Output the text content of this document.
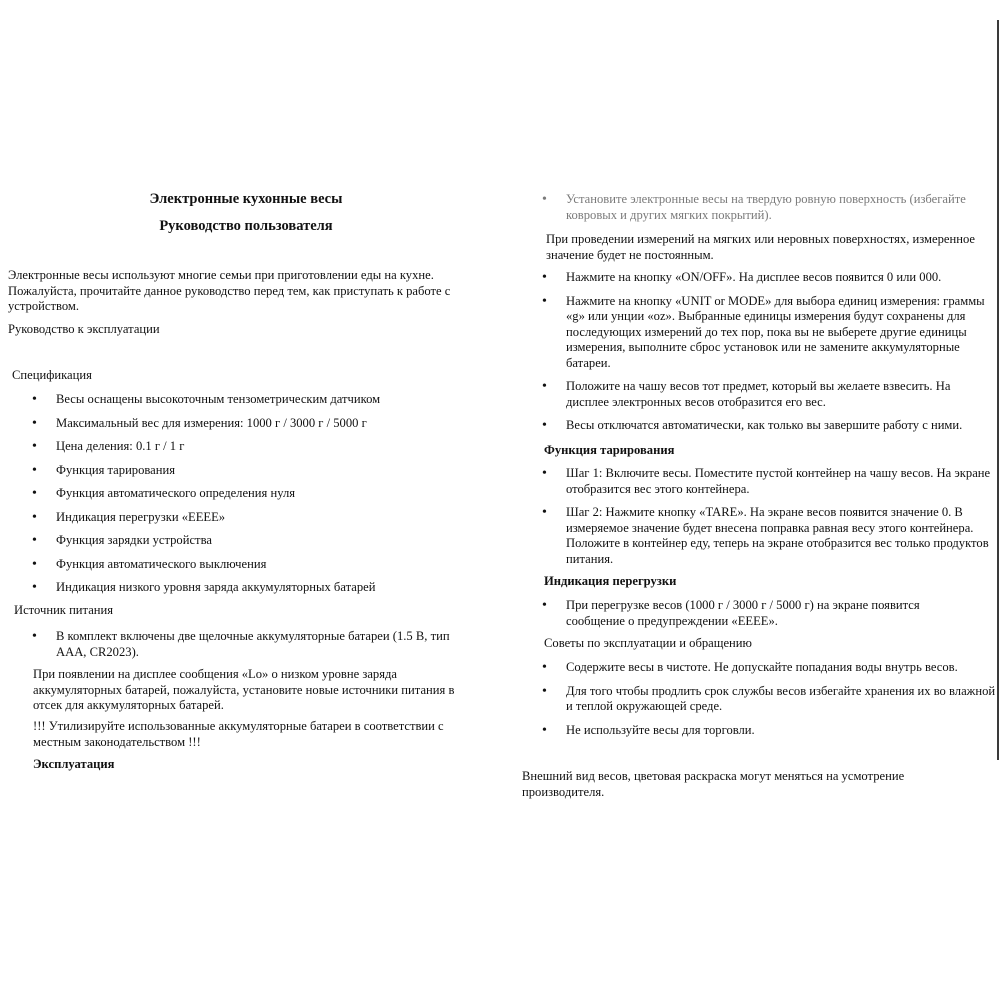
Электронные кухонные весы
Руководство пользователя
Электронные весы используют многие семьи при приготовлении еды на кухне. Пожалуйста, прочитайте данное руководство перед тем, как приступать к работе с устройством.
Руководство к эксплуатации
Спецификация
• Весы оснащены высокоточным тензометрическим датчиком
• Максимальный вес для измерения: 1000 г / 3000 г / 5000 г
• Цена деления: 0.1 г / 1 г
• Функция тарирования
• Функция автоматического определения нуля
• Индикация перегрузки «EEEE»
• Функция зарядки устройства
• Функция автоматического выключения
• Индикация низкого уровня заряда аккумуляторных батарей
Источник питания
• В комплект включены две щелочные аккумуляторные батареи (1.5 В, тип AAA, CR2023).
При появлении на дисплее сообщения «Lo» о низком уровне заряда аккумуляторных батарей, пожалуйста, установите новые источники питания в отсек для аккумуляторных батарей.
!!! Утилизируйте использованные аккумуляторные батареи в соответствии с местным законодательством !!!
Эксплуатация
• Установите электронные весы на твердую ровную поверхность (избегайте ковровых и других мягких покрытий).
При проведении измерений на мягких или неровных поверхностях, измеренное значение будет не постоянным.
• Нажмите на кнопку «ON/OFF». На дисплее весов появится 0 или 000.
• Нажмите на кнопку «UNIT or MODE» для выбора единиц измерения: граммы «g» или унции «oz». Выбранные единицы измерения будут сохранены для последующих измерений до тех пор, пока вы не выберете другие единицы измерения, выполните сброс установок или не замените аккумуляторные батареи.
• Положите на чашу весов тот предмет, который вы желаете взвесить. На дисплее электронных весов отобразится его вес.
• Весы отключатся автоматически, как только вы завершите работу с ними.
Функция тарирования
• Шаг 1: Включите весы. Поместите пустой контейнер на чашу весов. На экране отобразится вес этого контейнера.
• Шаг 2: Нажмите кнопку «TARE». На экране весов появится значение 0. В измеряемое значение будет внесена поправка равная весу этого контейнера. Положите в контейнер еду, теперь на экране отобразится вес только продуктов питания.
Индикация перегрузки
• При перегрузке весов (1000 г / 3000 г / 5000 г) на экране появится сообщение о предупреждении «EEEE».
Советы по эксплуатации и обращению
• Содержите весы в чистоте. Не допускайте попадания воды внутрь весов.
• Для того чтобы продлить срок службы весов избегайте хранения их во влажной и теплой окружающей среде.
• Не используйте весы для торговли.
Внешний вид весов, цветовая раскраска могут меняться на усмотрение производителя.
